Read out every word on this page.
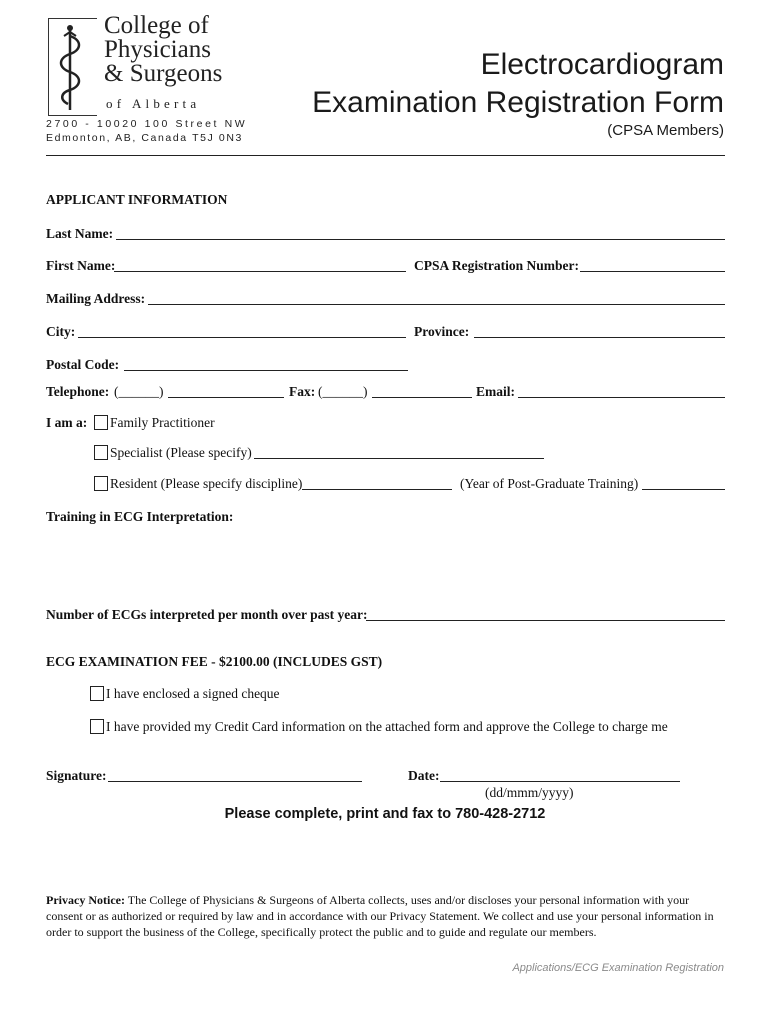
College of
Physicians
& Surgeons
of Alberta
2700 - 10020 100 Street NW
Edmonton, AB, Canada T5J 0N3
Electrocardiogram
Examination Registration Form
(CPSA Members)
APPLICANT INFORMATION
Last Name:
First Name:	CPSA Registration Number:
Mailing Address:
City:	Province:
Postal Code:
Telephone: (______)	Fax: (______)	Email:
I am a: Family Practitioner
Specialist (Please specify)
Resident (Please specify discipline)	(Year of Post-Graduate Training)
Training in ECG Interpretation:
Number of ECGs interpreted per month over past year:
ECG EXAMINATION FEE - $2100.00 (INCLUDES GST)
I have enclosed a signed cheque
I have provided my Credit Card information on the attached form and approve the College to charge me
Signature:	Date:
(dd/mmm/yyyy)
Please complete, print and fax to 780-428-2712
Privacy Notice: The College of Physicians & Surgeons of Alberta collects, uses and/or discloses your personal information with your consent or as authorized or required by law and in accordance with our Privacy Statement. We collect and use your personal information in order to support the business of the College, specifically protect the public and to guide and regulate our members.
Applications/ECG Examination Registration
